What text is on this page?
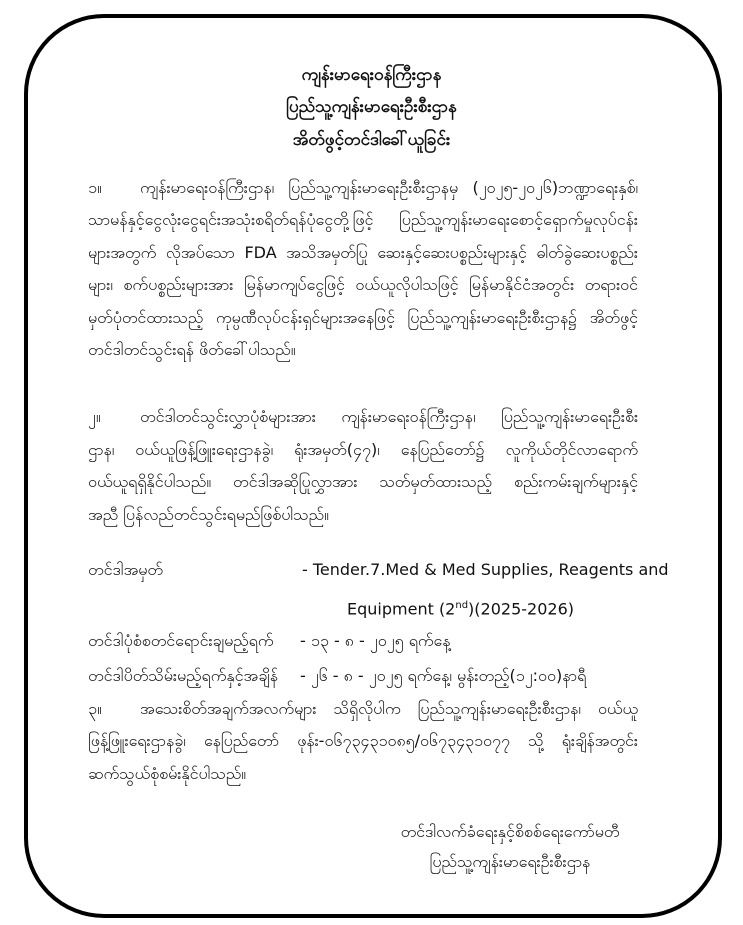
ကျန်းမာရေးဝန်ကြီးဌာန
ပြည်သူ့ကျန်းမာရေးဦးစီးဌာန
အိတ်ဖွင့်တင်ဒါခေါ်ယူခြင်း
၁။ ကျန်းမာရေးဝန်ကြီးဌာန၊ ပြည်သူ့ကျန်းမာရေးဦးစီးဌာနမှ (၂၀၂၅-၂၀၂၆)ဘဏ္ဍာရေးနှစ်၊
သာမန်နှင့်ငွေလုံးငွေရင်းအသုံးစရိတ်ရန်ပုံငွေတို့ဖြင့် ပြည်သူ့ကျန်းမာရေးစောင့်ရှောက်မှုလုပ်ငန်း
များအတွက် လိုအပ်သော FDA အသိအမှတ်ပြု ဆေးနှင့်ဆေးပစ္စည်းများနှင့် ဓါတ်ခွဲဆေးပစ္စည်း
များ၊ စက်ပစ္စည်းများအား မြန်မာကျပ်ငွေဖြင့် ဝယ်ယူလိုပါသဖြင့် မြန်မာနိုင်ငံအတွင်း တရားဝင်
မှတ်ပုံတင်ထားသည့် ကုမ္ပဏီလုပ်ငန်းရှင်များအနေဖြင့် ပြည်သူ့ကျန်းမာရေးဦးစီးဌာန၌ အိတ်ဖွင့်
တင်ဒါတင်သွင်းရန် ဖိတ်ခေါ်ပါသည်။
၂။ တင်ဒါတင်သွင်းလွှာပုံစံများအား ကျန်းမာရေးဝန်ကြီးဌာန၊ ပြည်သူ့ကျန်းမာရေးဦးစီး
ဌာန၊ ဝယ်ယူဖြန့်ဖြူးရေးဌာနခွဲ၊ ရုံးအမှတ်(၄၇)၊ နေပြည်တော်၌ လူကိုယ်တိုင်လာရောက်
ဝယ်ယူရရှိနိုင်ပါသည်။ တင်ဒါအဆိုပြုလွှာအား သတ်မှတ်ထားသည့် စည်းကမ်းချက်များနှင့်
အညီ ပြန်လည်တင်သွင်းရမည်ဖြစ်ပါသည်။
တင်ဒါအမှတ်	- Tender.7.Med & Med Supplies, Reagents and
Equipment (2nd)(2025-2026)
တင်ဒါပုံစံစတင်ရောင်းချမည့်ရက် - ၁၃ - ၈ - ၂၀၂၅ ရက်နေ့
တင်ဒါပိတ်သိမ်းမည့်ရက်နှင့်အချိန် - ၂၆ - ၈ - ၂၀၂၅ ရက်နေ့၊ မွန်းတည့်(၁၂:၀၀)နာရီ
၃။ အသေးစိတ်အချက်အလက်များ သိရှိလိုပါက ပြည်သူ့ကျန်းမာရေးဦးစီးဌာန၊ ဝယ်ယူ
ဖြန့်ဖြူးရေးဌာနခွဲ၊ နေပြည်တော် ဖုန်း-၀၆၇၃၄၃၁၀၈၅/၀၆၇၃၄၃၁၀၇၇ သို့ ရုံးချိန်အတွင်း
ဆက်သွယ်စုံစမ်းနိုင်ပါသည်။
တင်ဒါလက်ခံရေးနှင့်စိစစ်ရေးကော်မတီ
ပြည်သူ့ကျန်းမာရေးဦးစီးဌာန
